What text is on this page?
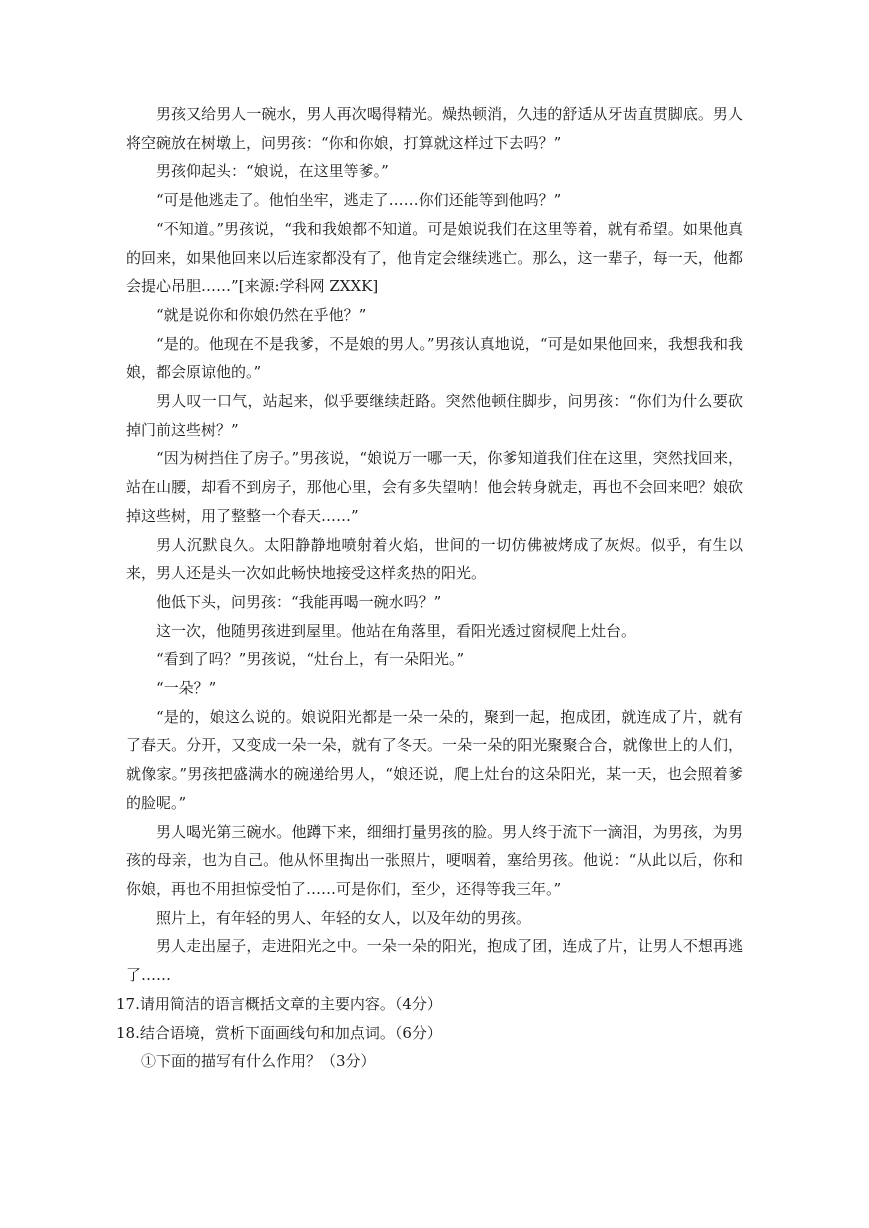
男孩又给男人一碗水，男人再次喝得精光。燥热顿消，久违的舒适从牙齿直贯脚底。男人将空碗放在树墩上，问男孩：“你和你娘，打算就这样过下去吗？”

男孩仰起头：“娘说，在这里等爹。”

“可是他逃走了。他怕坐牢，逃走了……你们还能等到他吗？”

“不知道。”男孩说，“我和我娘都不知道。可是娘说我们在这里等着，就有希望。如果他真的回来，如果他回来以后连家都没有了，他肯定会继续逃亡。那么，这一辈子，每一天，他都会提心吊胆……”[来源:学科网 ZXXK]

“就是说你和你娘仍然在乎他？”

“是的。他现在不是我爹，不是娘的男人。”男孩认真地说，“可是如果他回来，我想我和我娘，都会原谅他的。”

男人叹一口气，站起来，似乎要继续赶路。突然他顿住脚步，问男孩：“你们为什么要砍掉门前这些树？”

“因为树挡住了房子。”男孩说，“娘说万一哪一天，你爹知道我们住在这里，突然找回来，站在山腰，却看不到房子，那他心里，会有多失望呐！他会转身就走，再也不会回来吧？娘砍掉这些树，用了整整一个春天……”

男人沉默良久。太阳静静地喷射着火焰，世间的一切仿佛被烤成了灰烬。似乎，有生以来，男人还是头一次如此畅快地接受这样炙热的阳光。

他低下头，问男孩：“我能再喝一碗水吗？”

这一次，他随男孩进到屋里。他站在角落里，看阳光透过窗棂爬上灶台。

“看到了吗？”男孩说，“灶台上，有一朵阳光。”

“一朵？”

“是的，娘这么说的。娘说阳光都是一朵一朵的，聚到一起，抱成团，就连成了片，就有了春天。分开，又变成一朵一朵，就有了冬天。一朵一朵的阳光聚聚合合，就像世上的人们，就像家。”男孩把盛满水的碗递给男人，“娘还说，爬上灶台的这朵阳光，某一天，也会照着爹的脸呢。”

男人喝光第三碗水。他蹲下来，细细打量男孩的脸。男人终于流下一滴泪，为男孩，为男孩的母亲，也为自己。他从怀里掏出一张照片，哽咽着，塞给男孩。他说：“从此以后，你和你娘，再也不用担惊受怕了……可是你们，至少，还得等我三年。”

照片上，有年轻的男人、年轻的女人，以及年幼的男孩。

男人走出屋子，走进阳光之中。一朵一朵的阳光，抱成了团，连成了片，让男人不想再逃了……

17.请用简洁的语言概括文章的主要内容。（4分）

18.结合语境，赏析下面画线句和加点词。（6分）

①下面的描写有什么作用？（3分）
